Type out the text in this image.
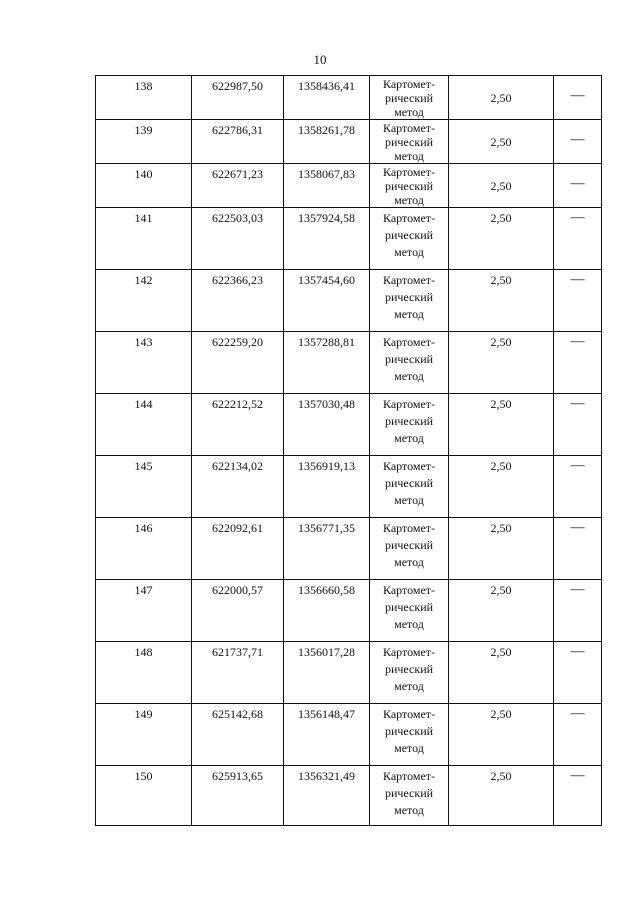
10
138	622987,50	1358436,41	Картомет-
рический
метод	2,50	—

139	622786,31	1358261,78	Картомет-
рический
метод	2,50	—

140	622671,23	1358067,83	Картомет-
рический
метод	2,50	—

141	622503,03	1357924,58	Картомет-
рический
метод	2,50	—

142	622366,23	1357454,60	Картомет-
рический
метод	2,50	—

143	622259,20	1357288,81	Картомет-
рический
метод	2,50	—

144	622212,52	1357030,48	Картомет-
рический
метод	2,50	—

145	622134,02	1356919,13	Картомет-
рический
метод	2,50	—

146	622092,61	1356771,35	Картомет-
рический
метод	2,50	—

147	622000,57	1356660,58	Картомет-
рический
метод	2,50	—

148	621737,71	1356017,28	Картомет-
рический
метод	2,50	—

149	625142,68	1356148,47	Картомет-
рический
метод	2,50	—

150	625913,65	1356321,49	Картомет-
рический
метод	2,50	—
